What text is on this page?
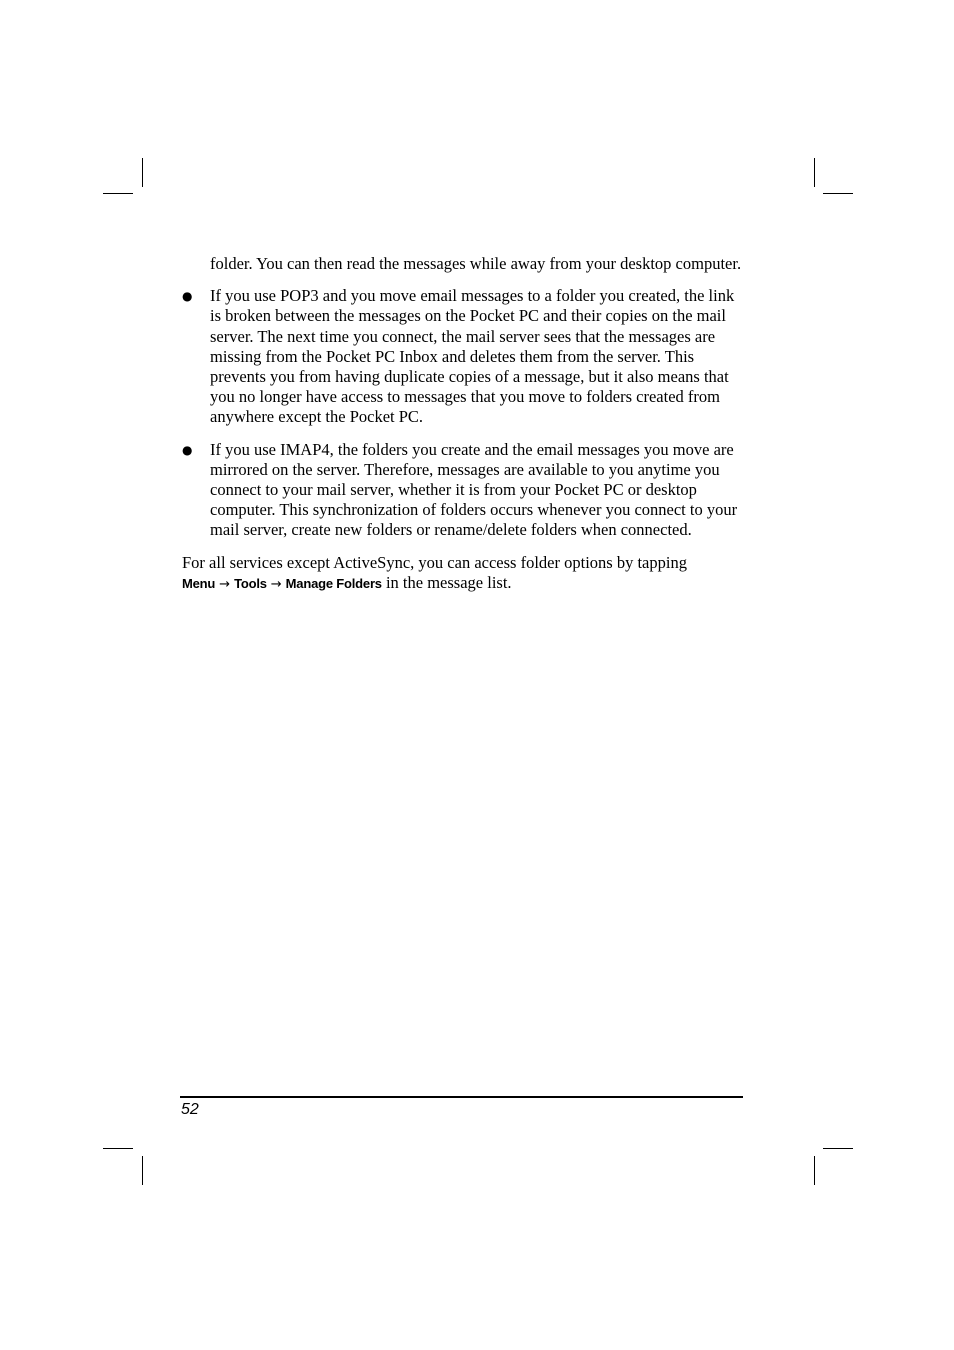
folder. You can then read the messages while away from your desktop computer.

● If you use POP3 and you move email messages to a folder you created, the link is broken between the messages on the Pocket PC and their copies on the mail server. The next time you connect, the mail server sees that the messages are missing from the Pocket PC Inbox and deletes them from the server. This prevents you from having duplicate copies of a message, but it also means that you no longer have access to messages that you move to folders created from anywhere except the Pocket PC.
● If you use IMAP4, the folders you create and the email messages you move are mirrored on the server. Therefore, messages are available to you anytime you connect to your mail server, whether it is from your Pocket PC or desktop computer. This synchronization of folders occurs whenever you connect to your mail server, create new folders or rename/delete folders when connected.

For all services except ActiveSync, you can access folder options by tapping
Menu → Tools → Manage Folders in the message list.

52
